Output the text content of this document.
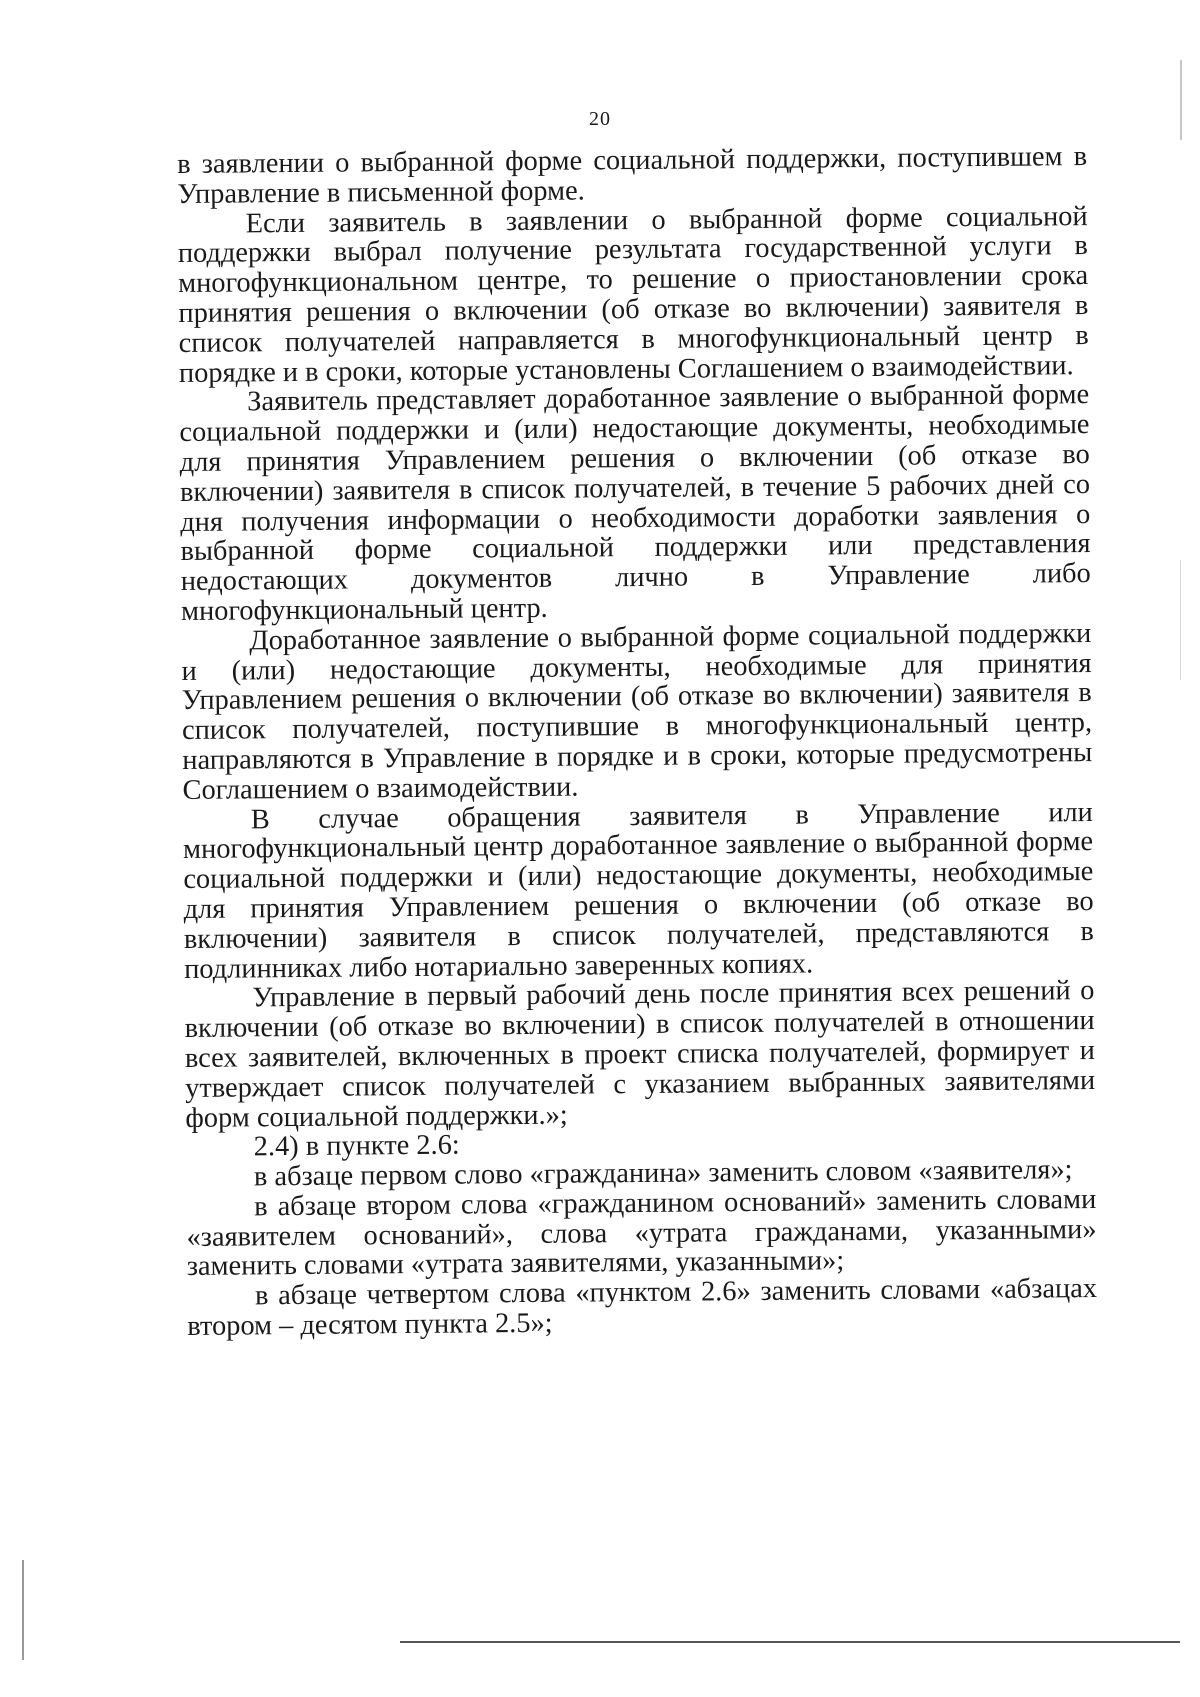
20

в заявлении о выбранной форме социальной поддержки, поступившем в Управление в письменной форме.

Если заявитель в заявлении о выбранной форме социальной поддержки выбрал получение результата государственной услуги в многофункциональном центре, то решение о приостановлении срока принятия решения о включении (об отказе во включении) заявителя в список получателей направляется в многофункциональный центр в порядке и в сроки, которые установлены Соглашением о взаимодействии.

Заявитель представляет доработанное заявление о выбранной форме социальной поддержки и (или) недостающие документы, необходимые для принятия Управлением решения о включении (об отказе во включении) заявителя в список получателей, в течение 5 рабочих дней со дня получения информации о необходимости доработки заявления о выбранной форме социальной поддержки или представления недостающих документов лично в Управление либо многофункциональный центр.

Доработанное заявление о выбранной форме социальной поддержки и (или) недостающие документы, необходимые для принятия Управлением решения о включении (об отказе во включении) заявителя в список получателей, поступившие в многофункциональный центр, направляются в Управление в порядке и в сроки, которые предусмотрены Соглашением о взаимодействии.

В случае обращения заявителя в Управление или многофункциональный центр доработанное заявление о выбранной форме социальной поддержки и (или) недостающие документы, необходимые для принятия Управлением решения о включении (об отказе во включении) заявителя в список получателей, представляются в подлинниках либо нотариально заверенных копиях.

Управление в первый рабочий день после принятия всех решений о включении (об отказе во включении) в список получателей в отношении всех заявителей, включенных в проект списка получателей, формирует и утверждает список получателей с указанием выбранных заявителями форм социальной поддержки.»;

2.4) в пункте 2.6:

в абзаце первом слово «гражданина» заменить словом «заявителя»;

в абзаце втором слова «гражданином оснований» заменить словами «заявителем оснований», слова «утрата гражданами, указанными» заменить словами «утрата заявителями, указанными»;

в абзаце четвертом слова «пунктом 2.6» заменить словами «абзацах втором – десятом пункта 2.5»;
